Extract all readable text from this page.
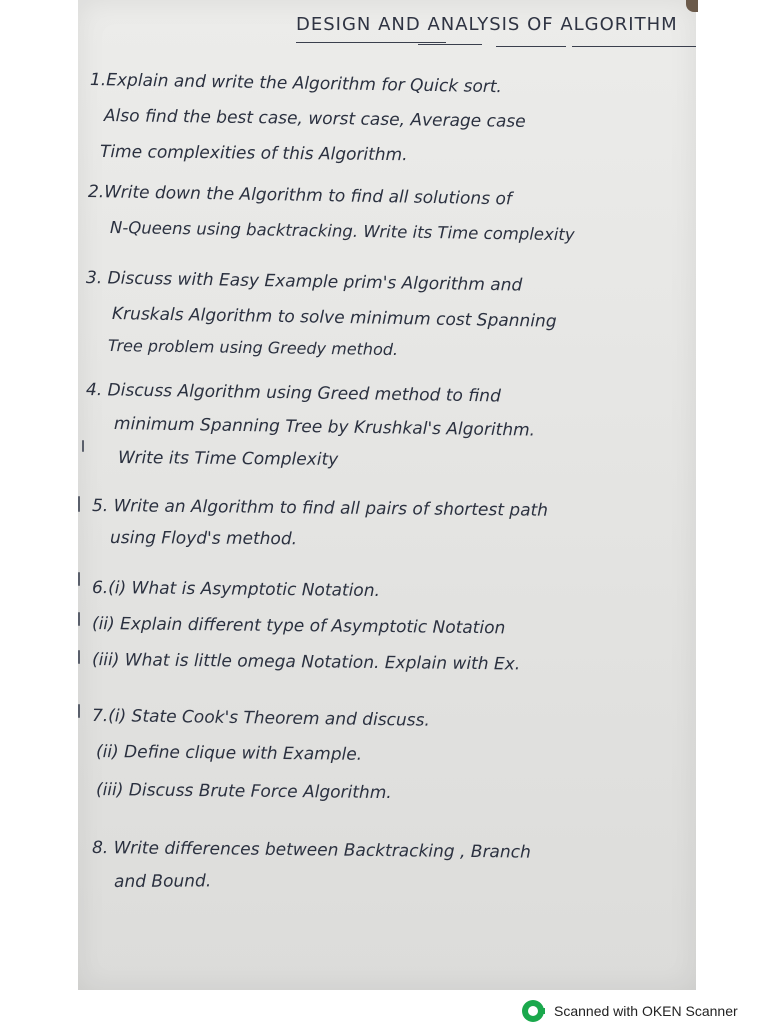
DESIGN AND ANALYSIS OF ALGORITHM
1.Explain and write the Algorithm for Quick sort.
Also find the best case, worst case, Average case
Time complexities of this Algorithm.
2.Write down the Algorithm to find all solutions of
N-Queens using backtracking. Write its Time complexity
3. Discuss with Easy Example prim's Algorithm and
Kruskals Algorithm to solve minimum cost Spanning
Tree problem using Greedy method.
4. Discuss Algorithm using Greed method to find
minimum Spanning Tree by Krushkal's Algorithm.
Write its Time Complexity
5. Write an Algorithm to find all pairs of shortest path
using Floyd's method.
6.(i) What is Asymptotic Notation.
(ii) Explain different type of Asymptotic Notation
(iii) What is little omega Notation. Explain with Ex.
7.(i) State Cook's Theorem and discuss.
(ii) Define clique with Example.
(iii) Discuss Brute Force Algorithm.
8. Write differences between Backtracking , Branch
and Bound.
Scanned with OKEN Scanner
